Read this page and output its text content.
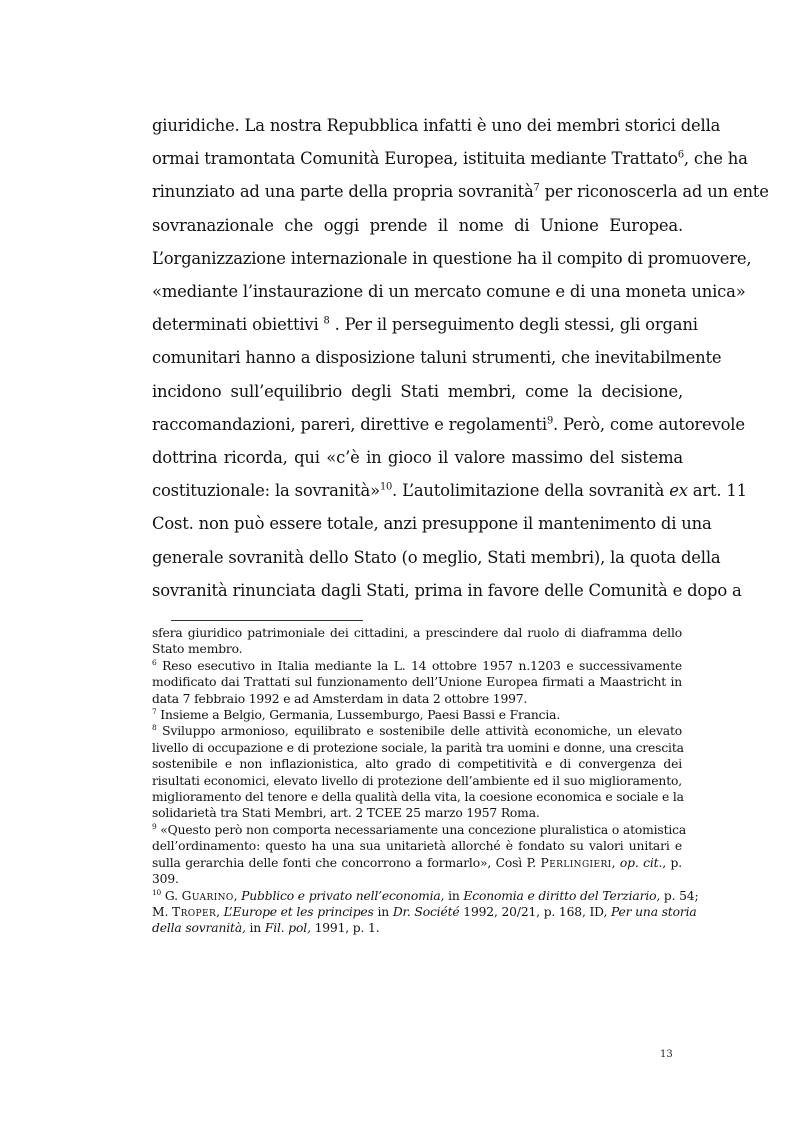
giuridiche. La nostra Repubblica infatti è uno dei membri storici della
ormai tramontata Comunità Europea, istituita mediante Trattato$^6$, che ha
rinunziato ad una parte della propria sovranità$^7$ per riconoscerla ad un ente
sovranazionale che oggi prende il nome di Unione Europea.
L’organizzazione internazionale in questione ha il compito di promuovere,
«mediante l’instaurazione di un mercato comune e di una moneta unica»
determinati obiettivi $^8$ . Per il perseguimento degli stessi, gli organi
comunitari hanno a disposizione taluni strumenti, che inevitabilmente
incidono sull’equilibrio degli Stati membri, come la decisione,
raccomandazioni, pareri, direttive e regolamenti$^9$. Però, come autorevole
dottrina ricorda, qui «c’è in gioco il valore massimo del sistema
costituzionale: la sovranità»$^{10}$. L’autolimitazione della sovranità ex art. 11
Cost. non può essere totale, anzi presuppone il mantenimento di una
generale sovranità dello Stato (o meglio, Stati membri), la quota della
sovranità rinunciata dagli Stati, prima in favore delle Comunità e dopo a
sfera giuridico patrimoniale dei cittadini, a prescindere dal ruolo di diaframma dello
Stato membro.
$^6$ Reso esecutivo in Italia mediante la L. 14 ottobre 1957 n.1203 e successivamente
modificato dai Trattati sul funzionamento dell’Unione Europea firmati a Maastricht in
data 7 febbraio 1992 e ad Amsterdam in data 2 ottobre 1997.
$^7$ Insieme a Belgio, Germania, Lussemburgo, Paesi Bassi e Francia.
$^8$ Sviluppo armonioso, equilibrato e sostenibile delle attività economiche, un elevato
livello di occupazione e di protezione sociale, la parità tra uomini e donne, una crescita
sostenibile e non inflazionistica, alto grado di competitività e di convergenza dei
risultati economici, elevato livello di protezione dell’ambiente ed il suo miglioramento,
miglioramento del tenore e della qualità della vita, la coesione economica e sociale e la
solidarietà tra Stati Membri, art. 2 TCEE 25 marzo 1957 Roma.
$^9$ «Questo però non comporta necessariamente una concezione pluralistica o atomistica
dell’ordinamento: questo ha una sua unitarietà allorché è fondato su valori unitari e
sulla gerarchia delle fonti che concorrono a formarlo», Così P. Perlingieri, op. cit., p.
309.
$^{10}$ G. Guarino, Pubblico e privato nell’economia, in Economia e diritto del Terziario, p. 54;
M. Troper, L’Europe et les principes in Dr. Société 1992, 20/21, p. 168, ID, Per una storia
della sovranità, in Fil. pol, 1991, p. 1.
13
